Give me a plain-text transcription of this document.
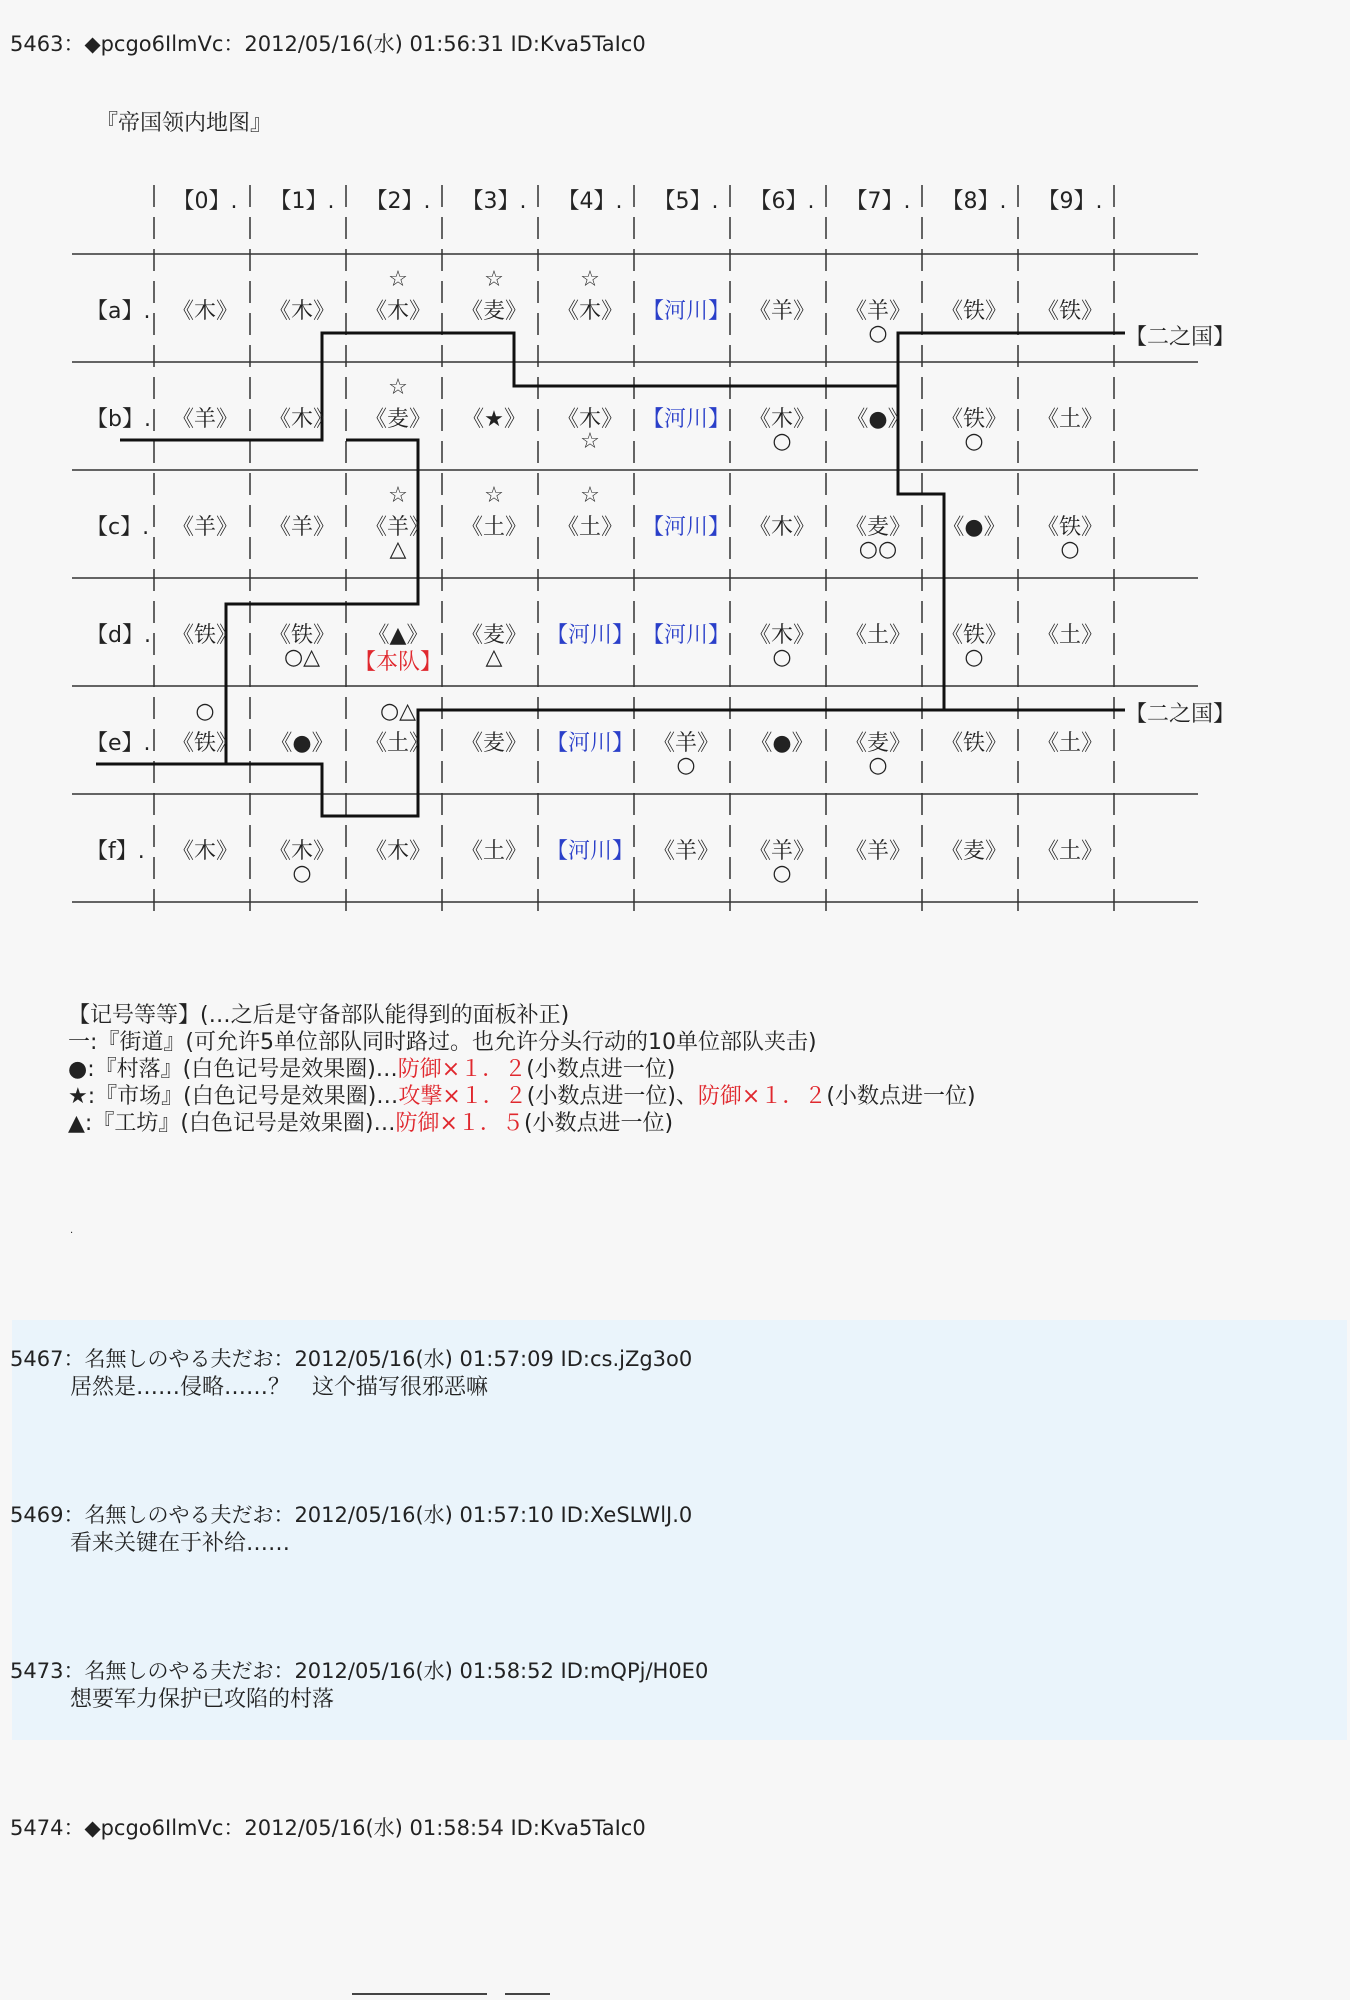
5463：◆pcgo6IlmVc：2012/05/16(水) 01:56:31 ID:Kva5TaIc0
『帝国领内地图』
【0】. 【1】. 【2】. 【3】. 【4】. 【5】. 【6】. 【7】. 【8】. 【9】.
【a】.
【b】.
【c】.
【d】.
【e】.
【f】.
《木》 《木》 《木》
☆
《麦》
☆
《木》
☆
【河川】 《羊》 《羊》
○
《铁》 《铁》
《羊》 《木》 《麦》
☆
《★》 《木》
☆
【河川】 《木》
○
《●》 《铁》
○
《土》
《羊》 《羊》 《羊》
☆
△
《土》
☆
《土》
☆
【河川】 《木》 《麦》
○○
《●》 《铁》
○
《铁》 《铁》
○△
《▲》
【本队】
《麦》
△
【河川】 【河川】 《木》
○
《土》 《铁》
○
《土》
《铁》
○
《●》 《土》
○△
《麦》 【河川】 《羊》
○
《●》 《麦》
○
《铁》 《土》
《木》 《木》
○
《木》 《土》 【河川】 《羊》 《羊》
○
《羊》 《麦》 《土》
【二之国】
【二之国】
【记号等等】(…之后是守备部队能得到的面板补正)
一:『街道』(可允许5单位部队同时路过。也允许分头行动的10单位部队夹击)
●:『村落』(白色记号是效果圈)…防御×１．２(小数点进一位)
★:『市场』(白色记号是效果圈)…攻撃×１．２(小数点进一位)、防御×１．２(小数点进一位)
▲:『工坊』(白色记号是效果圈)…防御×１．５(小数点进一位)
.
5467：名無しのやる夫だお：2012/05/16(水) 01:57:09 ID:cs.jZg3o0
居然是……侵略……？　这个描写很邪恶嘛
5469：名無しのやる夫だお：2012/05/16(水) 01:57:10 ID:XeSLWlJ.0
看来关键在于补给……
5473：名無しのやる夫だお：2012/05/16(水) 01:58:52 ID:mQPj/H0E0
想要军力保护已攻陷的村落
5474：◆pcgo6IlmVc：2012/05/16(水) 01:58:54 ID:Kva5TaIc0
